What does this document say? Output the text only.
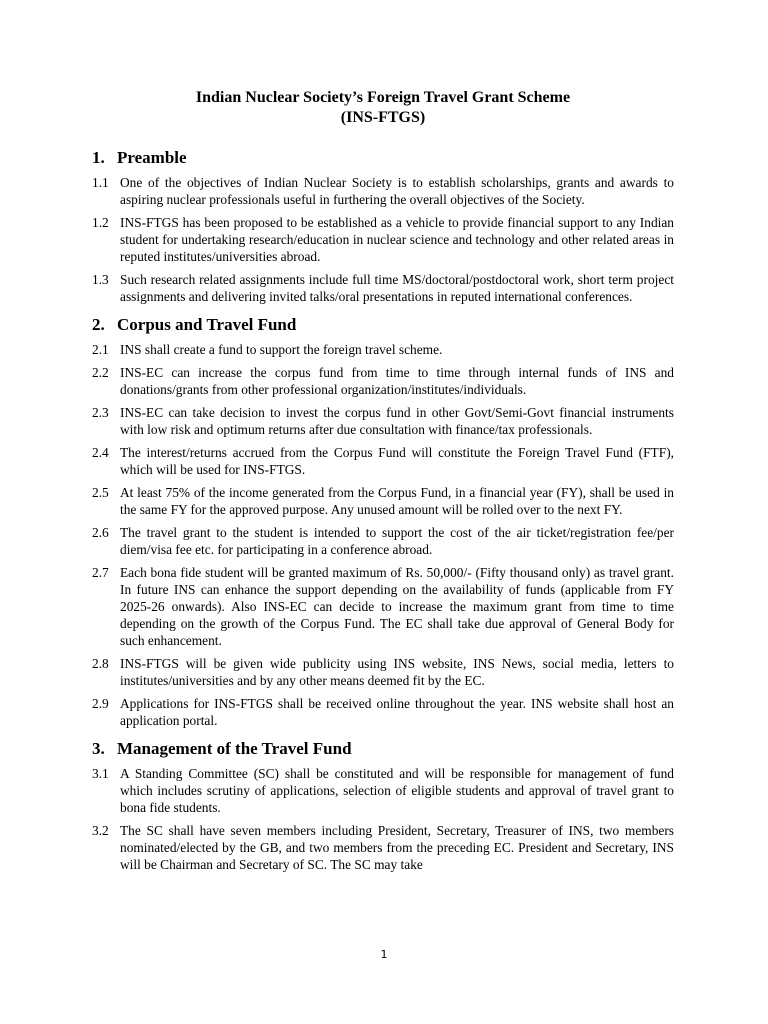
Indian Nuclear Society’s Foreign Travel Grant Scheme
(INS-FTGS)
1. Preamble
1.1 One of the objectives of Indian Nuclear Society is to establish scholarships, grants and awards to aspiring nuclear professionals useful in furthering the overall objectives of the Society.
1.2 INS-FTGS has been proposed to be established as a vehicle to provide financial support to any Indian student for undertaking research/education in nuclear science and technology and other related areas in reputed institutes/universities abroad.
1.3 Such research related assignments include full time MS/doctoral/postdoctoral work, short term project assignments and delivering invited talks/oral presentations in reputed international conferences.
2. Corpus and Travel Fund
2.1 INS shall create a fund to support the foreign travel scheme.
2.2 INS-EC can increase the corpus fund from time to time through internal funds of INS and donations/grants from other professional organization/institutes/individuals.
2.3 INS-EC can take decision to invest the corpus fund in other Govt/Semi-Govt financial instruments with low risk and optimum returns after due consultation with finance/tax professionals.
2.4 The interest/returns accrued from the Corpus Fund will constitute the Foreign Travel Fund (FTF), which will be used for INS-FTGS.
2.5 At least 75% of the income generated from the Corpus Fund, in a financial year (FY), shall be used in the same FY for the approved purpose. Any unused amount will be rolled over to the next FY.
2.6 The travel grant to the student is intended to support the cost of the air ticket/registration fee/per diem/visa fee etc. for participating in a conference abroad.
2.7 Each bona fide student will be granted maximum of Rs. 50,000/- (Fifty thousand only) as travel grant. In future INS can enhance the support depending on the availability of funds (applicable from FY 2025-26 onwards). Also INS-EC can decide to increase the maximum grant from time to time depending on the growth of the Corpus Fund. The EC shall take due approval of General Body for such enhancement.
2.8 INS-FTGS will be given wide publicity using INS website, INS News, social media, letters to institutes/universities and by any other means deemed fit by the EC.
2.9 Applications for INS-FTGS shall be received online throughout the year. INS website shall host an application portal.
3. Management of the Travel Fund
3.1 A Standing Committee (SC) shall be constituted and will be responsible for management of fund which includes scrutiny of applications, selection of eligible students and approval of travel grant to bona fide students.
3.2 The SC shall have seven members including President, Secretary, Treasurer of INS, two members nominated/elected by the GB, and two members from the preceding EC. President and Secretary, INS will be Chairman and Secretary of SC. The SC may take
1
